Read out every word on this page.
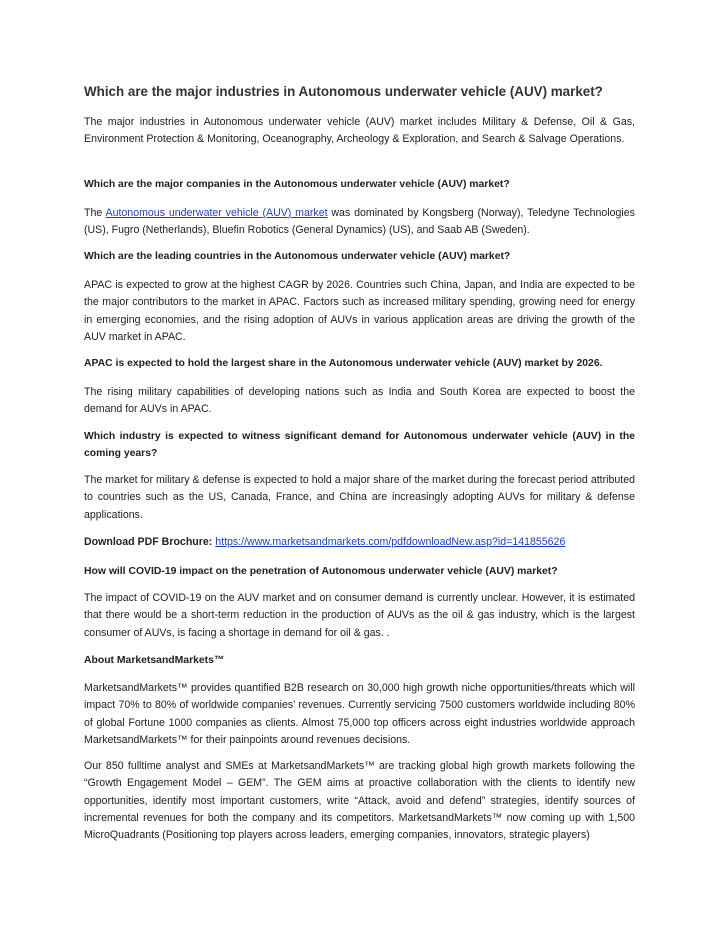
Which are the major industries in Autonomous underwater vehicle (AUV) market?
The major industries in Autonomous underwater vehicle (AUV) market includes Military & Defense, Oil & Gas, Environment Protection & Monitoring, Oceanography, Archeology & Exploration, and Search & Salvage Operations.
Which are the major companies in the Autonomous underwater vehicle (AUV) market?
The Autonomous underwater vehicle (AUV) market was dominated by Kongsberg (Norway), Teledyne Technologies (US), Fugro (Netherlands), Bluefin Robotics (General Dynamics) (US), and Saab AB (Sweden).
Which are the leading countries in the Autonomous underwater vehicle (AUV) market?
APAC is expected to grow at the highest CAGR by 2026. Countries such China, Japan, and India are expected to be the major contributors to the market in APAC. Factors such as increased military spending, growing need for energy in emerging economies, and the rising adoption of AUVs in various application areas are driving the growth of the AUV market in APAC.
APAC is expected to hold the largest share in the Autonomous underwater vehicle (AUV) market by 2026.
The rising military capabilities of developing nations such as India and South Korea are expected to boost the demand for AUVs in APAC.
Which industry is expected to witness significant demand for Autonomous underwater vehicle (AUV) in the coming years?
The market for military & defense is expected to hold a major share of the market during the forecast period attributed to countries such as the US, Canada, France, and China are increasingly adopting AUVs for military & defense applications.
Download PDF Brochure: https://www.marketsandmarkets.com/pdfdownloadNew.asp?id=141855626
How will COVID-19 impact on the penetration of Autonomous underwater vehicle (AUV) market?
The impact of COVID-19 on the AUV market and on consumer demand is currently unclear. However, it is estimated that there would be a short-term reduction in the production of AUVs as the oil & gas industry, which is the largest consumer of AUVs, is facing a shortage in demand for oil & gas. .
About MarketsandMarkets™
MarketsandMarkets™ provides quantified B2B research on 30,000 high growth niche opportunities/threats which will impact 70% to 80% of worldwide companies’ revenues. Currently servicing 7500 customers worldwide including 80% of global Fortune 1000 companies as clients. Almost 75,000 top officers across eight industries worldwide approach MarketsandMarkets™ for their painpoints around revenues decisions.
Our 850 fulltime analyst and SMEs at MarketsandMarkets™ are tracking global high growth markets following the “Growth Engagement Model – GEM”. The GEM aims at proactive collaboration with the clients to identify new opportunities, identify most important customers, write “Attack, avoid and defend” strategies, identify sources of incremental revenues for both the company and its competitors. MarketsandMarkets™ now coming up with 1,500 MicroQuadrants (Positioning top players across leaders, emerging companies, innovators, strategic players)
